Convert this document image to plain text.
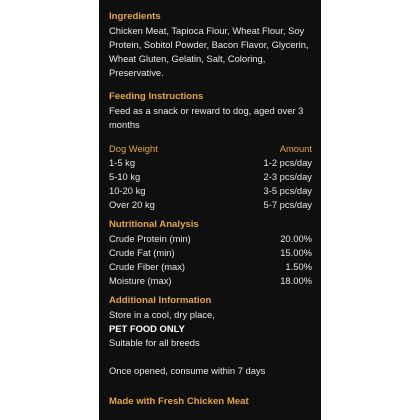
Ingredients
Chicken Meat, Tapioca Flour, Wheat Flour, Soy
Protein, Sobitol Powder, Bacon Flavor, Glycerin,
Wheat Gluten, Gelatin, Salt, Coloring,
Preservative.
Feeding Instructions
Feed as a snack or reward to dog, aged over 3
months
Dog Weight	Amount
1-5 kg	1-2 pcs/day
5-10 kg	2-3 pcs/day
10-20 kg	3-5 pcs/day
Over 20 kg	5-7 pcs/day
Nutritional Analysis
Crude Protein (min)	20.00%
Crude Fat (min)	15.00%
Crude Fiber (max)	1.50%
Moisture (max)	18.00%
Additional Information
Store in a cool, dry place,
PET FOOD ONLY
Suitable for all breeds
Once opened, consume within 7 days
Made with Fresh Chicken Meat
